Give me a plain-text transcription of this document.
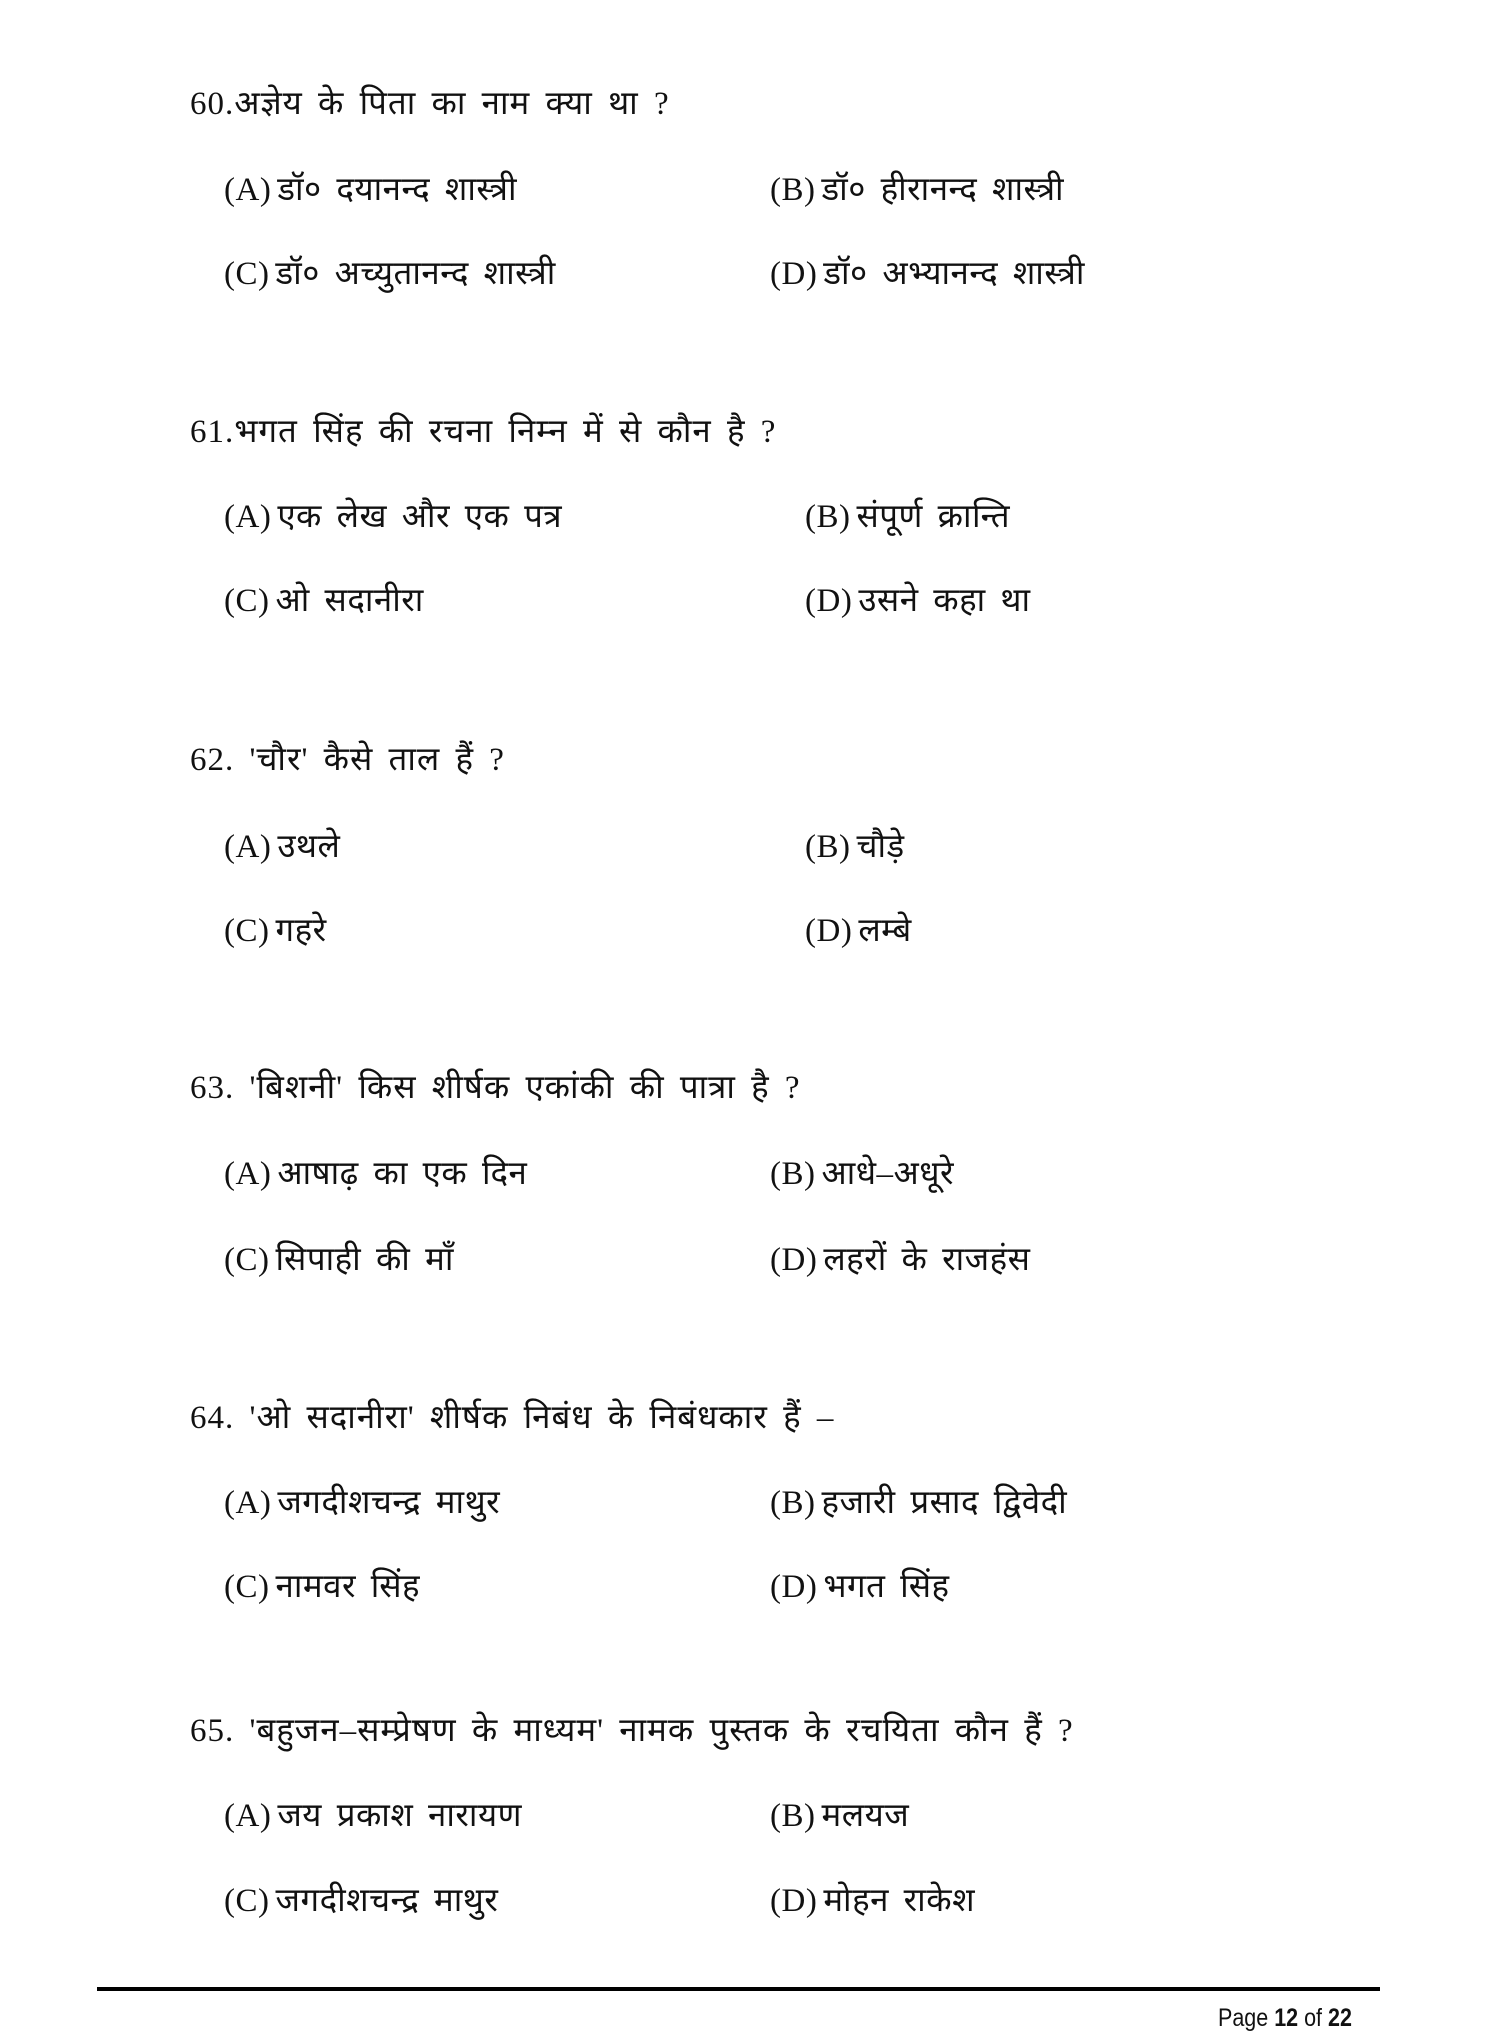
60.अज्ञेय के पिता का नाम क्या था ?
(A) डॉ० दयानन्द शास्त्री	(B) डॉ० हीरानन्द शास्त्री
(C) डॉ० अच्युतानन्द शास्त्री	(D) डॉ० अभ्यानन्द शास्त्री
61.भगत सिंह की रचना निम्न में से कौन है ?
(A) एक लेख और एक पत्र	(B) संपूर्ण क्रान्ति
(C) ओ सदानीरा	(D) उसने कहा था
62. 'चौर' कैसे ताल हैं ?
(A) उथले	(B) चौड़े
(C) गहरे	(D) लम्बे
63. 'बिशनी' किस शीर्षक एकांकी की पात्रा है ?
(A) आषाढ़ का एक दिन	(B) आधे–अधूरे
(C) सिपाही की माँ	(D) लहरों के राजहंस
64. 'ओ सदानीरा' शीर्षक निबंध के निबंधकार हैं –
(A) जगदीशचन्द्र माथुर	(B) हजारी प्रसाद द्विवेदी
(C) नामवर सिंह	(D) भगत सिंह
65. 'बहुजन–सम्प्रेषण के माध्यम' नामक पुस्तक के रचयिता कौन हैं ?
(A) जय प्रकाश नारायण	(B) मलयज
(C) जगदीशचन्द्र माथुर	(D) मोहन राकेश
Page 12 of 22
